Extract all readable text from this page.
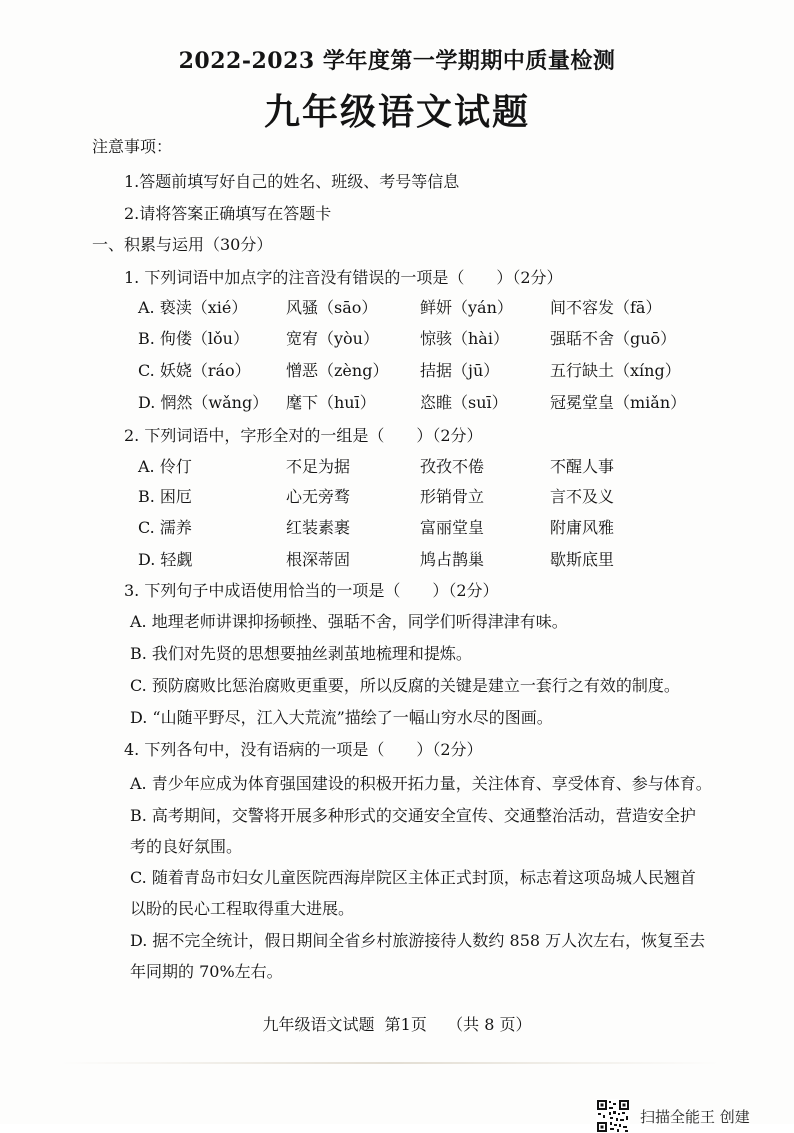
2022-2023 学年度第一学期期中质量检测
九年级语文试题
注意事项：
1.答题前填写好自己的姓名、班级、考号等信息
2.请将答案正确填写在答题卡
一、积累与运用（30分）
1. 下列词语中加点字的注音没有错误的一项是（　　）（2分）
A. 亵渎（xié） 风骚（sāo）	鲜妍（yán） 间不容发（fā）
B. 佝偻（lǒu） 宽宥（yòu）	惊骇（hài）	强聒不舍（guō）
C. 妖娆（ráo） 憎恶（zèng） 拮据（jū）	五行缺土（xíng）
D. 惘然（wǎng） 麾下（huī）	恣睢（suī）	冠冕堂皇（miǎn）
2. 下列词语中，字形全对的一组是（　　）（2分）
A. 伶仃	不足为据	孜孜不倦	不醒人事
B. 困厄	心无旁骛	形销骨立	言不及义
C. 濡养	红装素裹	富丽堂皇	附庸风雅
D. 轻觑	根深蒂固	鸠占鹊巢	歇斯底里
3. 下列句子中成语使用恰当的一项是（　　）（2分）
A. 地理老师讲课抑扬顿挫、强聒不舍，同学们听得津津有味。
B. 我们对先贤的思想要抽丝剥茧地梳理和提炼。
C. 预防腐败比惩治腐败更重要，所以反腐的关键是建立一套行之有效的制度。
D. “山随平野尽，江入大荒流”描绘了一幅山穷水尽的图画。
4. 下列各句中，没有语病的一项是（　　）（2分）
A. 青少年应成为体育强国建设的积极开拓力量，关注体育、享受体育、参与体育。
B. 高考期间，交警将开展多种形式的交通安全宣传、交通整治活动，营造安全护
考的良好氛围。
C. 随着青岛市妇女儿童医院西海岸院区主体正式封顶，标志着这项岛城人民翘首
以盼的民心工程取得重大进展。
D. 据不完全统计，假日期间全省乡村旅游接待人数约 858 万人次左右，恢复至去
年同期的 70%左右。
九年级语文试题  第1页    （共 8 页）
扫描全能王 创建
